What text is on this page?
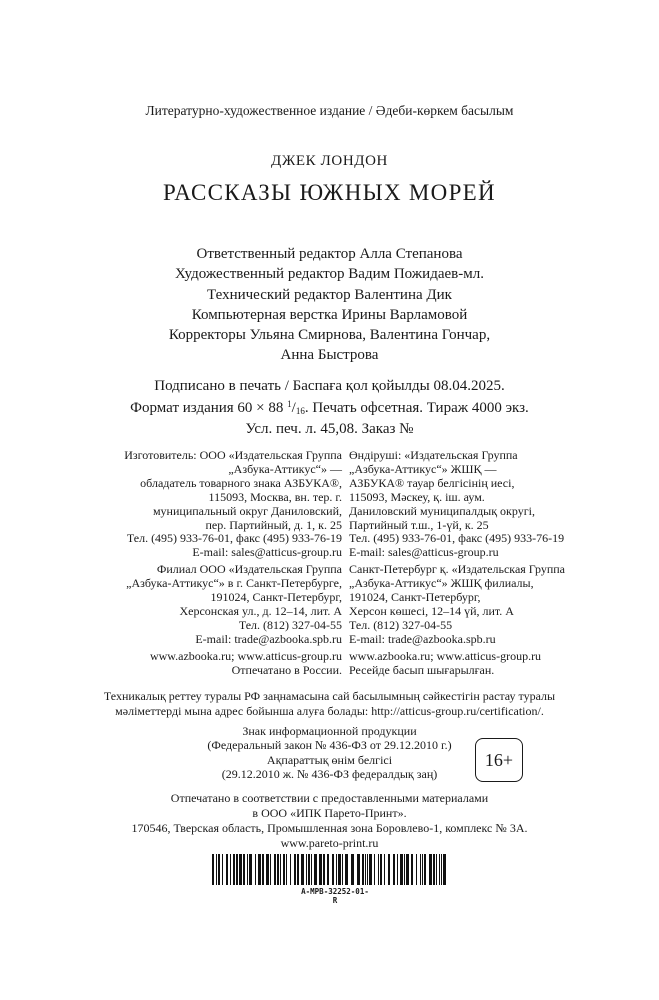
Литературно-художественное издание / Әдеби-көркем басылым
ДЖЕК ЛОНДОН
РАССКАЗЫ ЮЖНЫХ МОРЕЙ
Ответственный редактор Алла Степанова
Художественный редактор Вадим Пожидаев-мл.
Технический редактор Валентина Дик
Компьютерная верстка Ирины Варламовой
Корректоры Ульяна Смирнова, Валентина Гончар,
Анна Быстрова
Подписано в печать / Баспаға қол қойылды 08.04.2025.
Формат издания 60 × 88 $^1/_{16}$. Печать офсетная. Тираж 4000 экз.
Усл. печ. л. 45,08. Заказ №
Изготовитель: ООО «Издательская Группа
„Азбука-Аттикус“» —
обладатель товарного знака АЗБУКА®,
115093, Москва, вн. тер. г.
муниципальный округ Даниловский,
пер. Партийный, д. 1, к. 25
Тел. (495) 933-76-01, факс (495) 933-76-19
E-mail: sales@atticus-group.ru
Өндіруші: «Издательская Группа
„Азбука-Аттикус“» ЖШҚ —
АЗБУКА® тауар белгісінің иесі,
115093, Мәскеу, қ. іш. аум.
Даниловский муниципалдық округі,
Партийный т.ш., 1-үй, к. 25
Тел. (495) 933-76-01, факс (495) 933-76-19
E-mail: sales@atticus-group.ru
Филиал ООО «Издательская Группа
„Азбука-Аттикус“» в г. Санкт-Петербурге,
191024, Санкт-Петербург,
Херсонская ул., д. 12–14, лит. А
Тел. (812) 327-04-55
E-mail: trade@azbooka.spb.ru
Санкт-Петербург қ. «Издательская Группа
„Азбука-Аттикус“» ЖШҚ филиалы,
191024, Санкт-Петербург,
Херсон көшесі, 12–14 үй, лит. А
Тел. (812) 327-04-55
E-mail: trade@azbooka.spb.ru
www.azbooka.ru; www.atticus-group.ru
Отпечатано в России.
www.azbooka.ru; www.atticus-group.ru
Ресейде басып шығарылған.
Техникалық реттеу туралы РФ заңнамасына сай басылымның сәйкестігін растау туралы
мәліметтерді мына адрес бойынша алуға болады: http://atticus-group.ru/certification/.
Знак информационной продукции
(Федеральный закон № 436-ФЗ от 29.12.2010 г.)
Ақпараттық өнім белгісі
(29.12.2010 ж. № 436-ФЗ федералдық заң)
16+
Отпечатано в соответствии с предоставленными материалами
в ООО «ИПК Парето-Принт».
170546, Тверская область, Промышленная зона Боровлево-1, комплекс № 3А.
www.pareto-print.ru
A-MPB-32252-01-R
